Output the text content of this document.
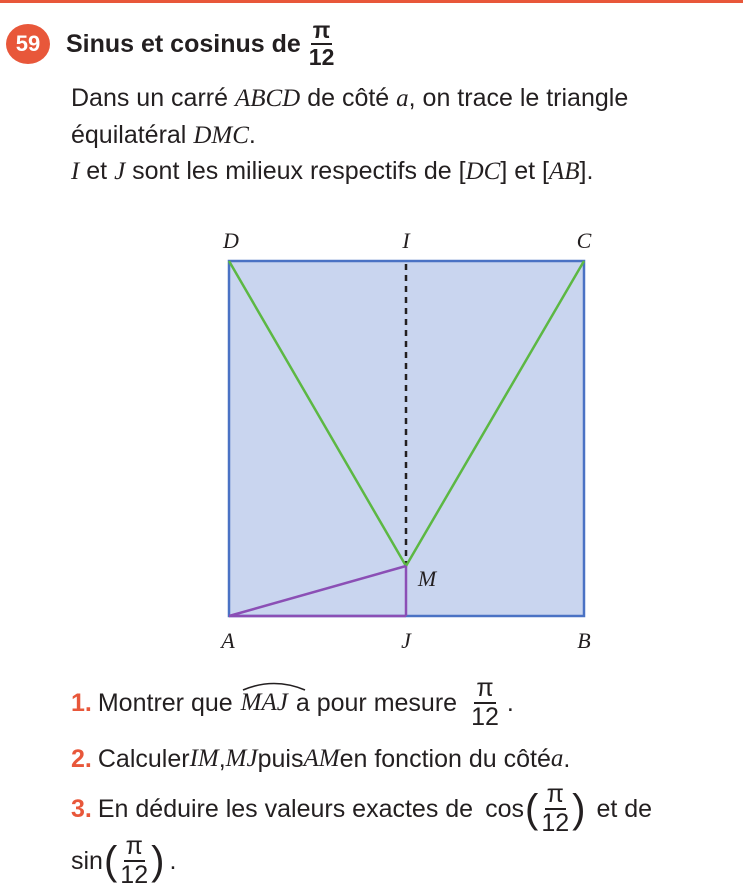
59	Sinus et cosinus de $\frac{\pi}{12}$
Dans un carré ABCD de côté a, on trace le triangle
équilatéral DMC.
I et J sont les milieux respectifs de [DC] et [AB].
D	I	C
M
A	J	B
1. Montrer que MAJ a pour mesure $\frac{\pi}{12}$ .
2. Calculer IM , MJ puis AM en fonction du côté a .
3. En déduire les valeurs exactes de cos ( $\frac{\pi}{12}$ ) et de
sin ( $\frac{\pi}{12}$ ) .
